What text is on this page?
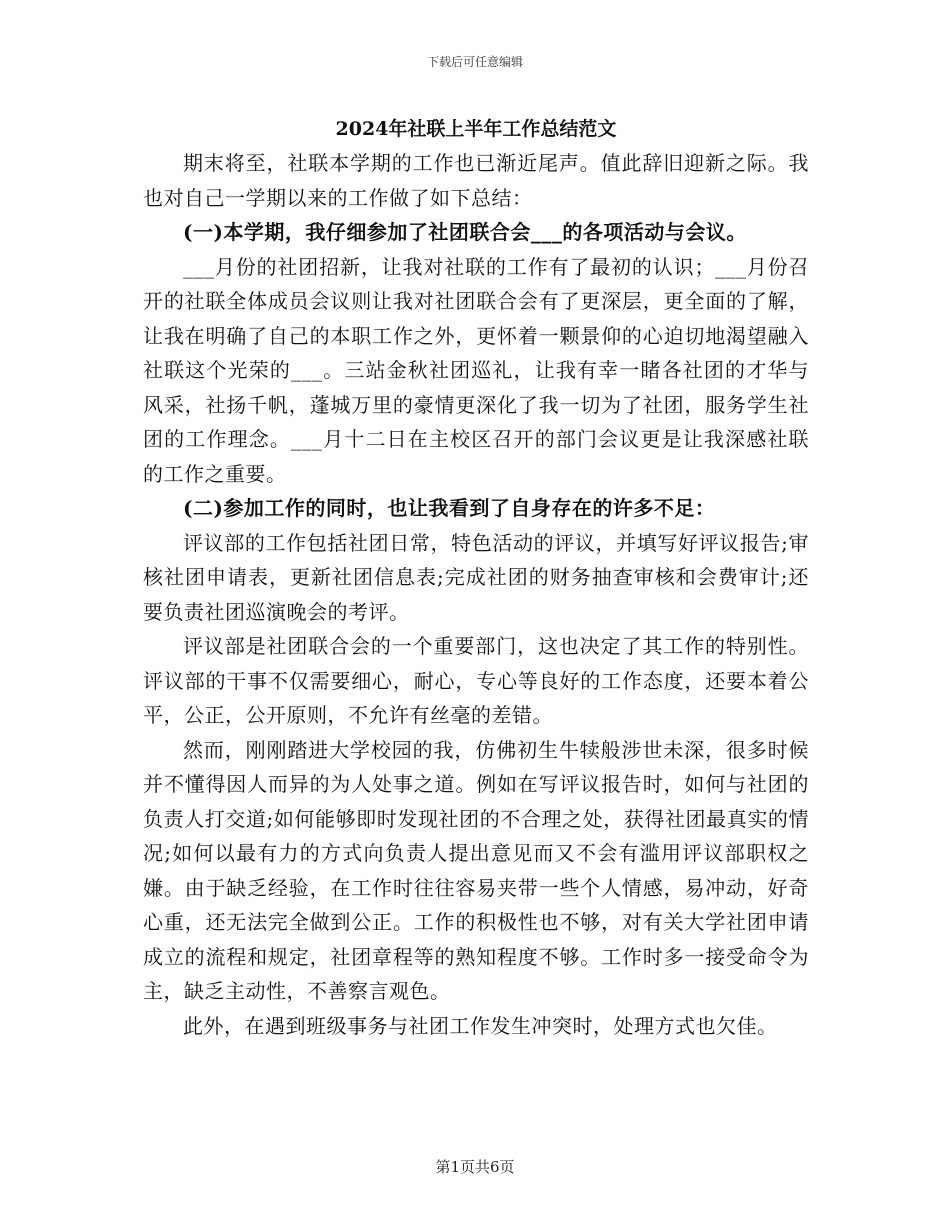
下载后可任意编辑
2024年社联上半年工作总结范文

期末将至，社联本学期的工作也已渐近尾声。值此辞旧迎新之际。我也对自己一学期以来的工作做了如下总结：

(一)本学期，我仔细参加了社团联合会___的各项活动与会议。

___月份的社团招新，让我对社联的工作有了最初的认识；___月份召开的社联全体成员会议则让我对社团联合会有了更深层，更全面的了解，让我在明确了自己的本职工作之外，更怀着一颗景仰的心迫切地渴望融入社联这个光荣的___。三站金秋社团巡礼，让我有幸一睹各社团的才华与风采，社扬千帆，蓬城万里的豪情更深化了我一切为了社团，服务学生社团的工作理念。___月十二日在主校区召开的部门会议更是让我深感社联的工作之重要。

(二)参加工作的同时，也让我看到了自身存在的许多不足：

评议部的工作包括社团日常，特色活动的评议，并填写好评议报告;审核社团申请表，更新社团信息表;完成社团的财务抽查审核和会费审计;还要负责社团巡演晚会的考评。

评议部是社团联合会的一个重要部门，这也决定了其工作的特别性。评议部的干事不仅需要细心，耐心，专心等良好的工作态度，还要本着公平，公正，公开原则，不允许有丝毫的差错。

然而，刚刚踏进大学校园的我，仿佛初生牛犊般涉世未深，很多时候并不懂得因人而异的为人处事之道。例如在写评议报告时，如何与社团的负责人打交道;如何能够即时发现社团的不合理之处，获得社团最真实的情况;如何以最有力的方式向负责人提出意见而又不会有滥用评议部职权之嫌。由于缺乏经验，在工作时往往容易夹带一些个人情感，易冲动，好奇心重，还无法完全做到公正。工作的积极性也不够，对有关大学社团申请成立的流程和规定，社团章程等的熟知程度不够。工作时多一接受命令为主，缺乏主动性，不善察言观色。

此外，在遇到班级事务与社团工作发生冲突时，处理方式也欠佳。

第1页共6页
